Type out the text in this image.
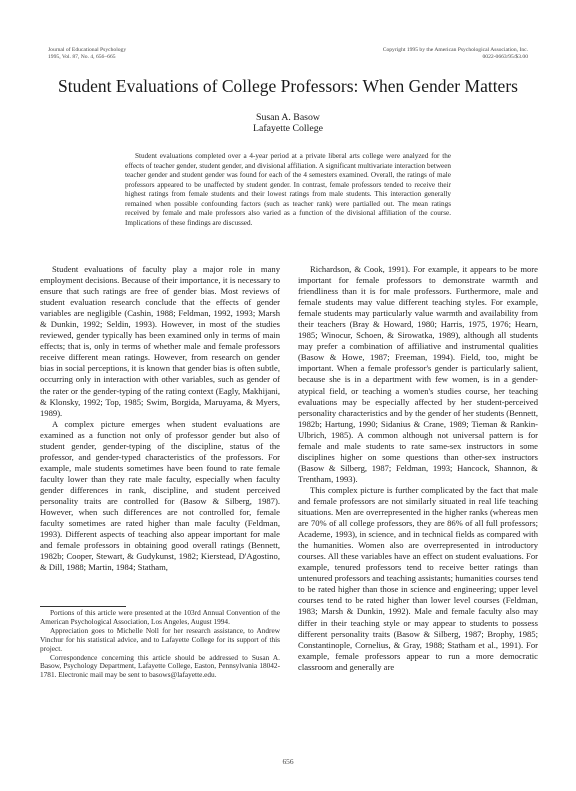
Journal of Educational Psychology
1995, Vol. 87, No. 4, 656–665
Copyright 1995 by the American Psychological Association, Inc.
0022-0663/95/$3.00
Student Evaluations of College Professors: When Gender Matters
Susan A. Basow
Lafayette College

Student evaluations completed over a 4-year period at a private liberal arts college were analyzed for the effects of teacher gender, student gender, and divisional affiliation. A significant multivariate interaction between teacher gender and student gender was found for each of the 4 semesters examined. Overall, the ratings of male professors appeared to be unaffected by student gender. In contrast, female professors tended to receive their highest ratings from female students and their lowest ratings from male students. This interaction generally remained when possible confounding factors (such as teacher rank) were partialled out. The mean ratings received by female and male professors also varied as a function of the divisional affiliation of the course. Implications of these findings are discussed.

Student evaluations of faculty play a major role in many employment decisions. Because of their importance, it is necessary to ensure that such ratings are free of gender bias. Most reviews of student evaluation research conclude that the effects of gender variables are negligible (Cashin, 1988; Feldman, 1992, 1993; Marsh & Dunkin, 1992; Seldin, 1993). However, in most of the studies reviewed, gender typically has been examined only in terms of main effects; that is, only in terms of whether male and female professors receive different mean ratings. However, from research on gender bias in social perceptions, it is known that gender bias is often subtle, occurring only in interaction with other variables, such as gender of the rater or the gender-typing of the rating context (Eagly, Makhijani, & Klonsky, 1992; Top, 1985; Swim, Borgida, Maruyama, & Myers, 1989).

A complex picture emerges when student evaluations are examined as a function not only of professor gender but also of student gender, gender-typing of the discipline, status of the professor, and gender-typed characteristics of the professors. For example, male students sometimes have been found to rate female faculty lower than they rate male faculty, especially when faculty gender differences in rank, discipline, and student perceived personality traits are controlled for (Basow & Silberg, 1987). However, when such differences are not controlled for, female faculty sometimes are rated higher than male faculty (Feldman, 1993). Different aspects of teaching also appear important for male and female professors in obtaining good overall ratings (Bennett, 1982b; Cooper, Stewart, & Gudykunst, 1982; Kierstead, D'Agostino, & Dill, 1988; Martin, 1984; Statham,

Portions of this article were presented at the 103rd Annual Convention of the American Psychological Association, Los Angeles, August 1994.

Appreciation goes to Michelle Noll for her research assistance, to Andrew Vinchur for his statistical advice, and to Lafayette College for its support of this project.

Correspondence concerning this article should be addressed to Susan A. Basow, Psychology Department, Lafayette College, Easton, Pennsylvania 18042-1781. Electronic mail may be sent to basows@lafayette.edu.

Richardson, & Cook, 1991). For example, it appears to be more important for female professors to demonstrate warmth and friendliness than it is for male professors. Furthermore, male and female students may value different teaching styles. For example, female students may particularly value warmth and availability from their teachers (Bray & Howard, 1980; Harris, 1975, 1976; Hearn, 1985; Winocur, Schoen, & Sirowatka, 1989), although all students may prefer a combination of affiliative and instrumental qualities (Basow & Howe, 1987; Freeman, 1994). Field, too, might be important. When a female professor's gender is particularly salient, because she is in a department with few women, is in a gender-atypical field, or teaching a women's studies course, her teaching evaluations may be especially affected by her student-perceived personality characteristics and by the gender of her students (Bennett, 1982b; Hartung, 1990; Sidanius & Crane, 1989; Tieman & Rankin-Ulbrich, 1985). A common although not universal pattern is for female and male students to rate same-sex instructors in some disciplines higher on some questions than other-sex instructors (Basow & Silberg, 1987; Feldman, 1993; Hancock, Shannon, & Trentham, 1993).

This complex picture is further complicated by the fact that male and female professors are not similarly situated in real life teaching situations. Men are overrepresented in the higher ranks (whereas men are 70% of all college professors, they are 86% of all full professors; Academe, 1993), in science, and in technical fields as compared with the humanities. Women also are overrepresented in introductory courses. All these variables have an effect on student evaluations. For example, tenured professors tend to receive better ratings than untenured professors and teaching assistants; humanities courses tend to be rated higher than those in science and engineering; upper level courses tend to be rated higher than lower level courses (Feldman, 1983; Marsh & Dunkin, 1992). Male and female faculty also may differ in their teaching style or may appear to students to possess different personality traits (Basow & Silberg, 1987; Brophy, 1985; Constantinople, Cornelius, & Gray, 1988; Statham et al., 1991). For example, female professors appear to run a more democratic classroom and generally are

656
